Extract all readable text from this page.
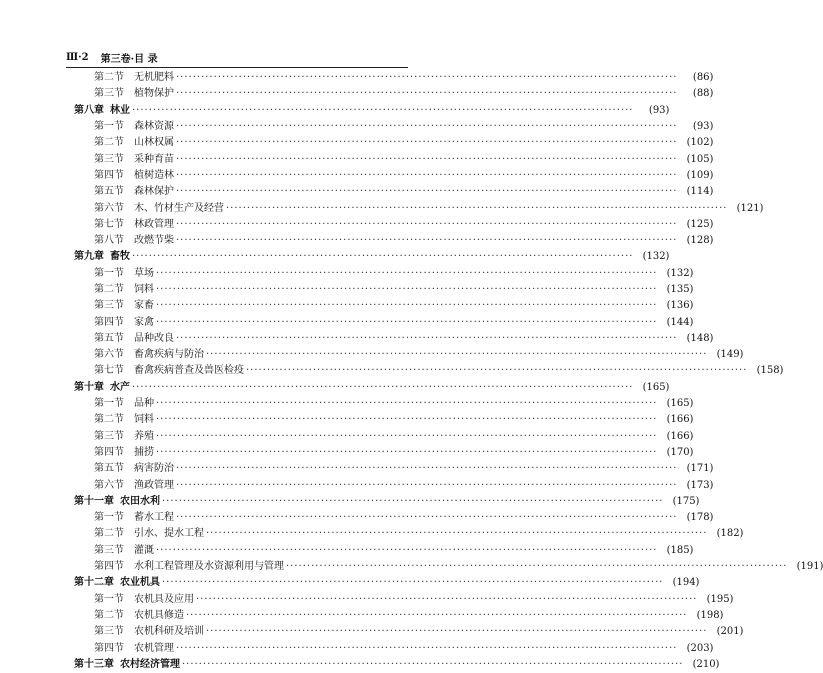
Ⅲ·2 第三卷·目 录
第二节	无机肥料 ························································································································	(86)
第三节	植物保护 ························································································································	(88)
第八章 林业 ························································································································	(93)
第一节	森林资源 ························································································································	(93)
第二节	山林权属 ························································································································ (102)
第三节	采种育苗 ························································································································ (105)
第四节	植树造林 ························································································································ (109)
第五节	森林保护 ························································································································ (114)
第六节	木、竹材生产及经营 ························································································································ (121)
第七节	林政管理 ························································································································ (125)
第八节	改燃节柴 ························································································································ (128)
第九章 畜牧 ························································································································ (132)
第一节	草场 ························································································································ (132)
第二节	饲料 ························································································································ (135)
第三节	家畜 ························································································································ (136)
第四节	家禽 ························································································································ (144)
第五节	品种改良 ························································································································ (148)
第六节	畜禽疾病与防治 ························································································································ (149)
第七节	畜禽疾病普查及兽医检疫 ························································································································ (158)
第十章 水产 ························································································································ (165)
第一节	品种 ························································································································ (165)
第二节	饲料 ························································································································ (166)
第三节	养殖 ························································································································ (166)
第四节	捕捞 ························································································································ (170)
第五节	病害防治 ························································································································ (171)
第六节	渔政管理 ························································································································ (173)
第十一章 农田水利 ························································································································ (175)
第一节	蓄水工程 ························································································································ (178)
第二节	引水、提水工程 ························································································································ (182)
第三节	灌溉 ························································································································ (185)
第四节	水利工程管理及水资源利用与管理 ························································································································ (191)
第十二章 农业机具 ························································································································ (194)
第一节	农机具及应用 ························································································································ (195)
第二节	农机具修造 ························································································································ (198)
第三节	农机科研及培训 ························································································································ (201)
第四节	农机管理 ························································································································ (203)
第十三章 农村经济管理 ························································································································ (210)
